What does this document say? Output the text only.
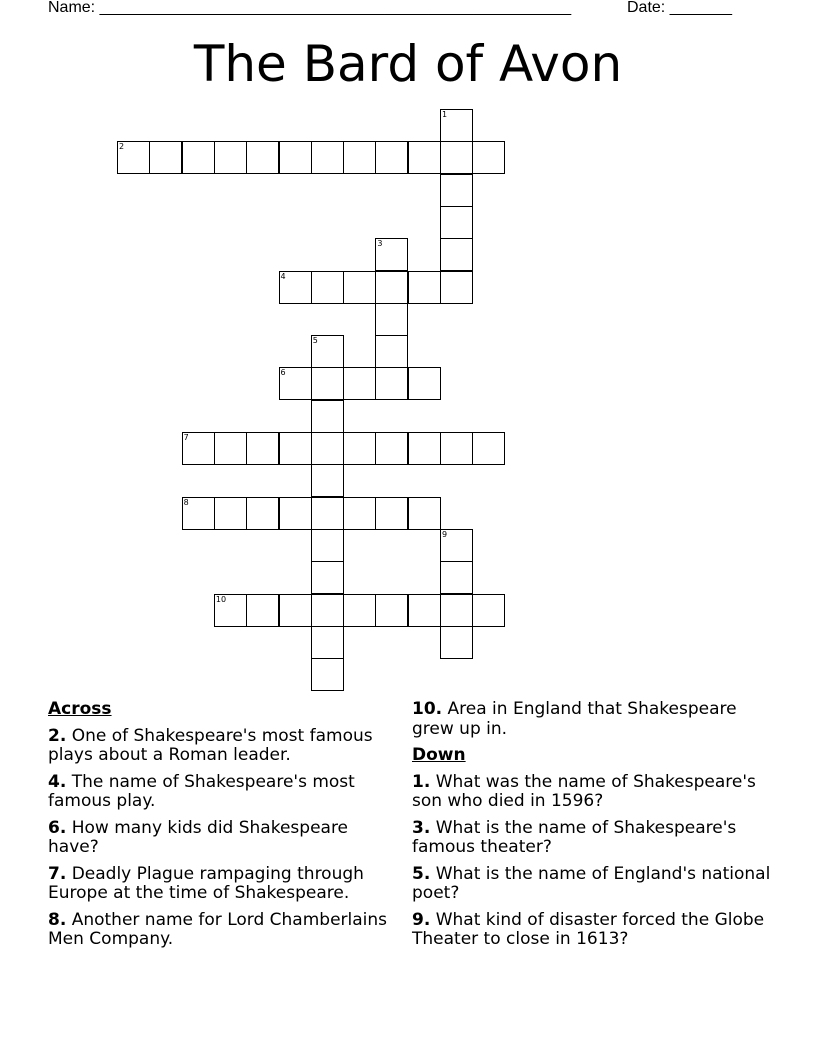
Name: _____________________________________________________	Date: _______
The Bard of Avon
1
2
3
4
5
6
7
8
9
10
Across
2. One of Shakespeare's most famous plays about a Roman leader.
4. The name of Shakespeare's most famous play.
6. How many kids did Shakespeare have?
7. Deadly Plague rampaging through Europe at the time of Shakespeare.
8. Another name for Lord Chamberlains Men Company.
10. Area in England that Shakespeare grew up in.
Down
1. What was the name of Shakespeare's son who died in 1596?
3. What is the name of Shakespeare's famous theater?
5. What is the name of England's national poet?
9. What kind of disaster forced the Globe Theater to close in 1613?
